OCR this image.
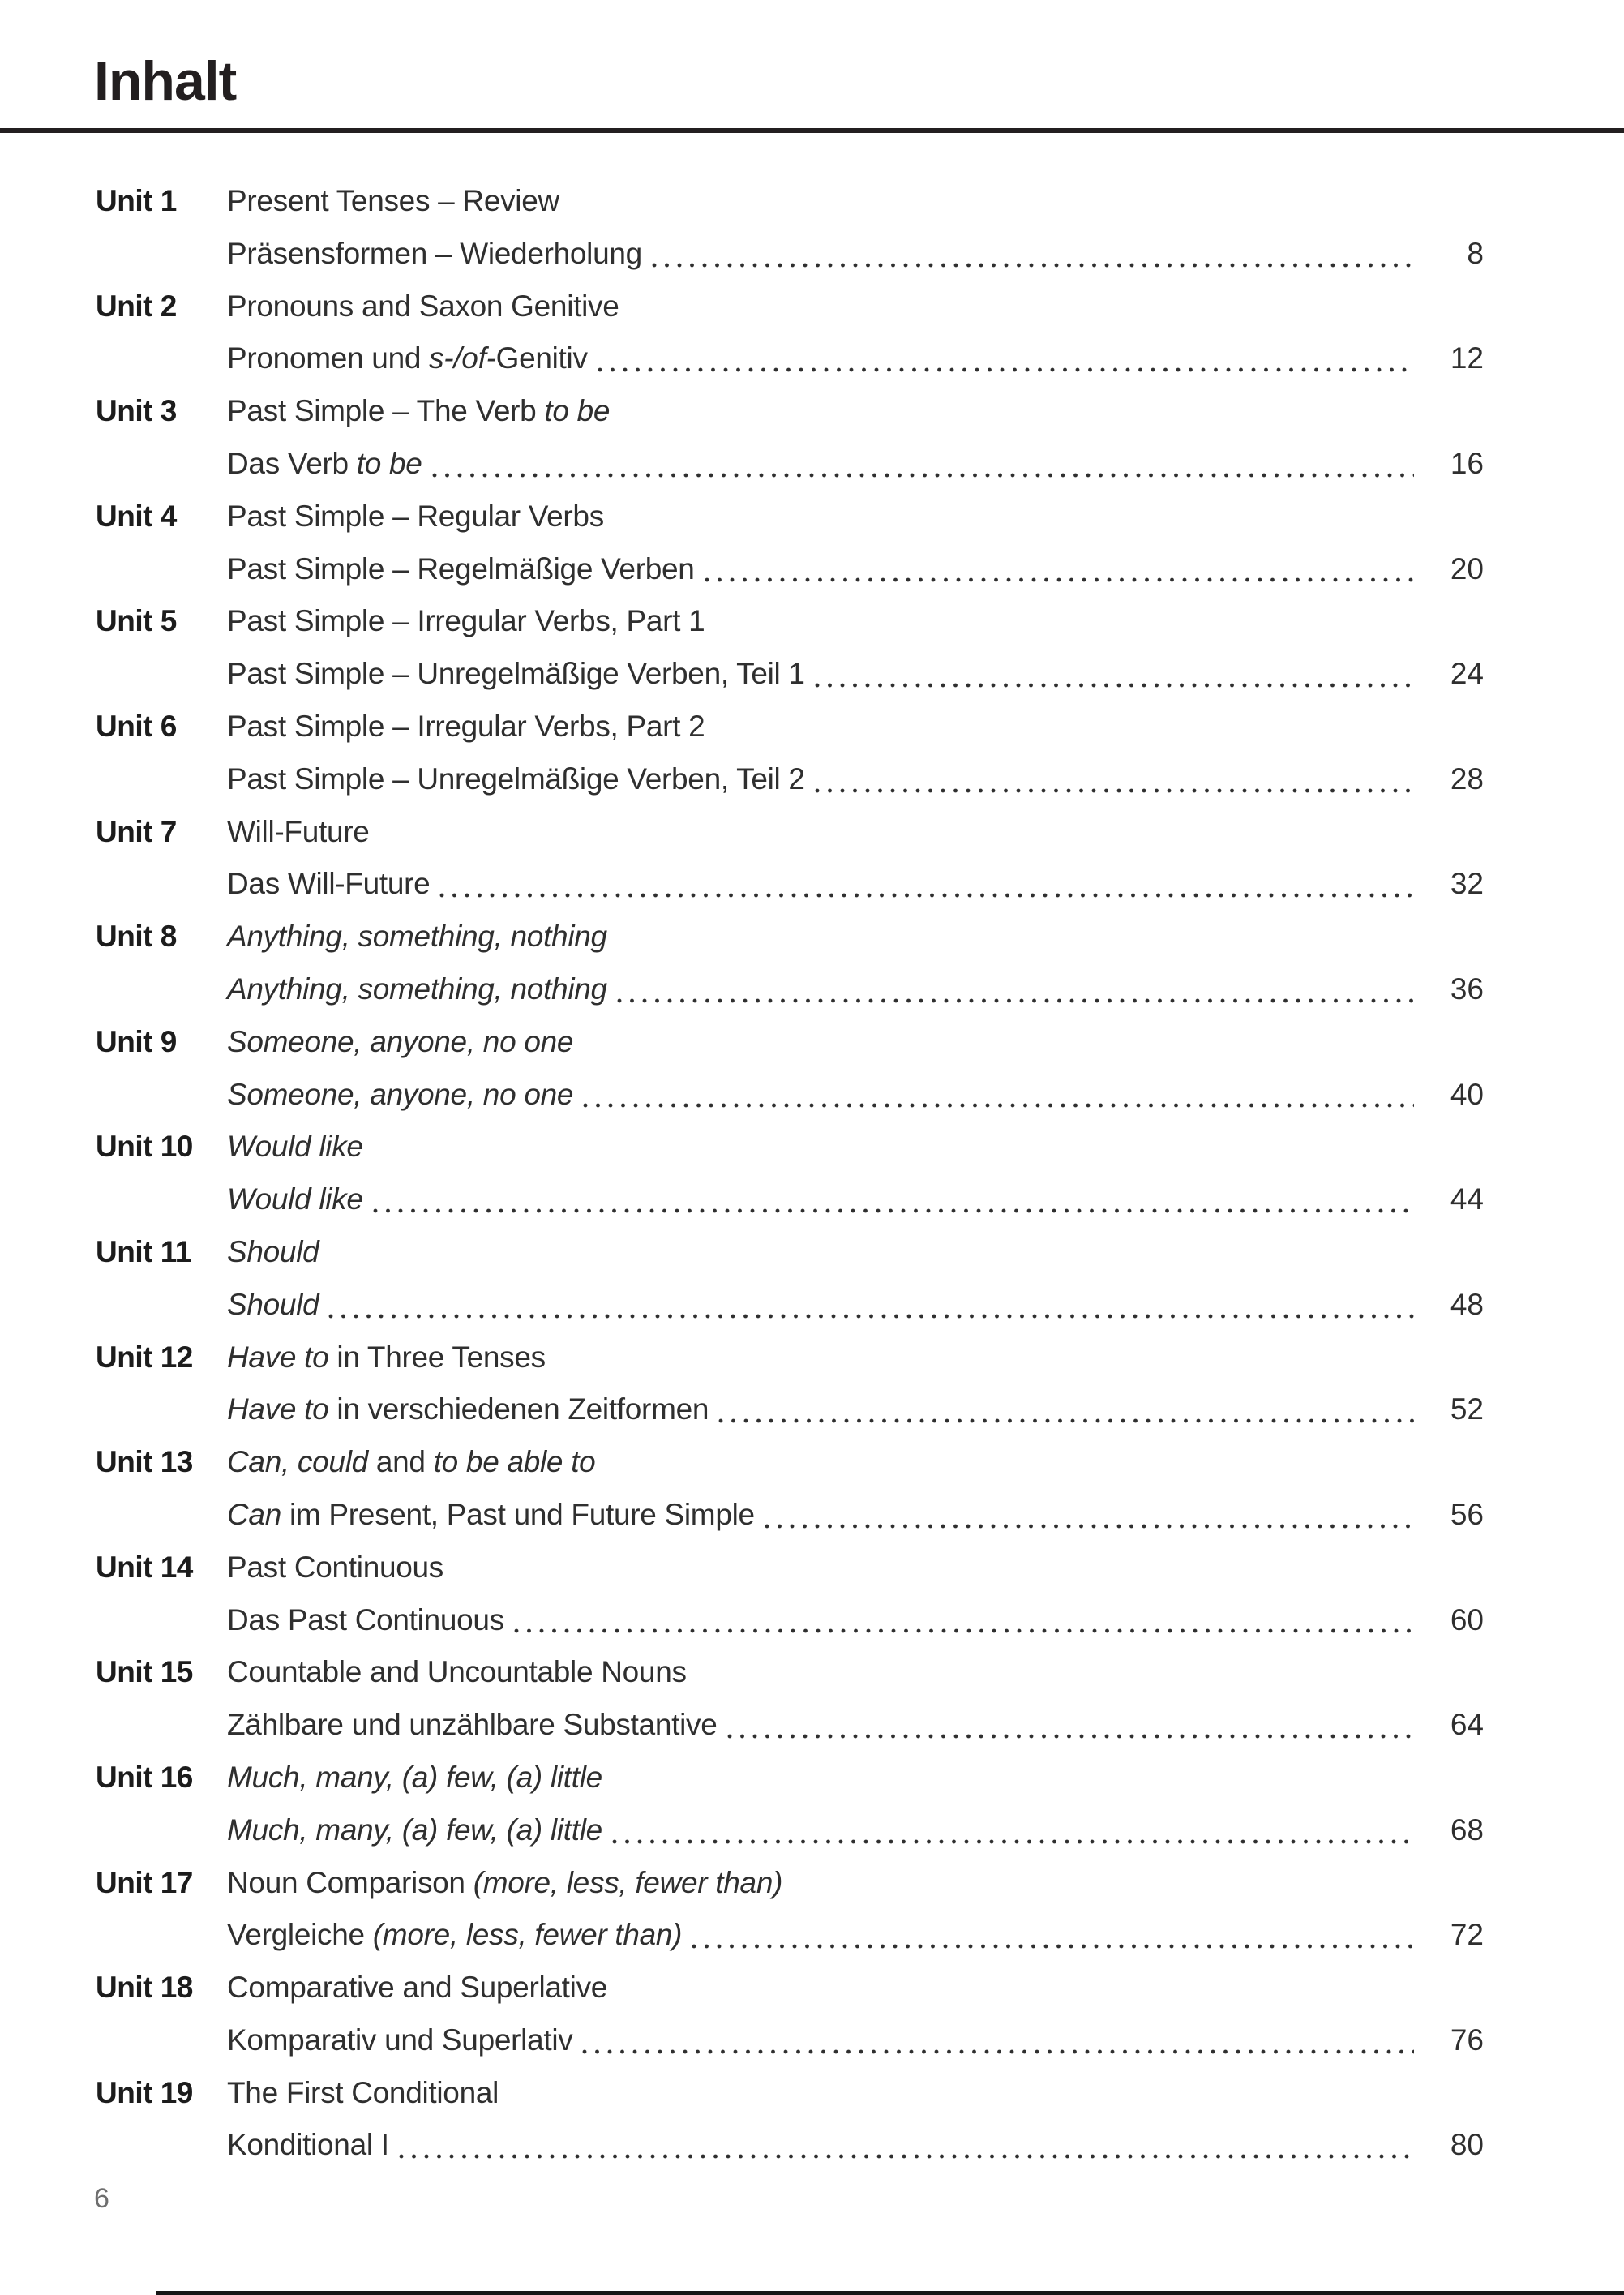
Inhalt
Unit 1	Present Tenses – Review
Präsensformen – Wiederholung	8
Unit 2	Pronouns and Saxon Genitive
Pronomen und s-/of-Genitiv	12
Unit 3	Past Simple – The Verb to be
Das Verb to be	16
Unit 4	Past Simple – Regular Verbs
Past Simple – Regelmäßige Verben	20
Unit 5	Past Simple – Irregular Verbs, Part 1
Past Simple – Unregelmäßige Verben, Teil 1	24
Unit 6	Past Simple – Irregular Verbs, Part 2
Past Simple – Unregelmäßige Verben, Teil 2	28
Unit 7	Will-Future
Das Will-Future	32
Unit 8	Anything, something, nothing
Anything, something, nothing	36
Unit 9	Someone, anyone, no one
Someone, anyone, no one	40
Unit 10	Would like
Would like	44
Unit 11	Should
Should	48
Unit 12	Have to in Three Tenses
Have to in verschiedenen Zeitformen	52
Unit 13	Can, could and to be able to
Can im Present, Past und Future Simple	56
Unit 14	Past Continuous
Das Past Continuous	60
Unit 15	Countable and Uncountable Nouns
Zählbare und unzählbare Substantive	64
Unit 16	Much, many, (a) few, (a) little
Much, many, (a) few, (a) little	68
Unit 17	Noun Comparison (more, less, fewer than)
Vergleiche (more, less, fewer than)	72
Unit 18	Comparative and Superlative
Komparativ und Superlativ	76
Unit 19	The First Conditional
Konditional I	80
6
